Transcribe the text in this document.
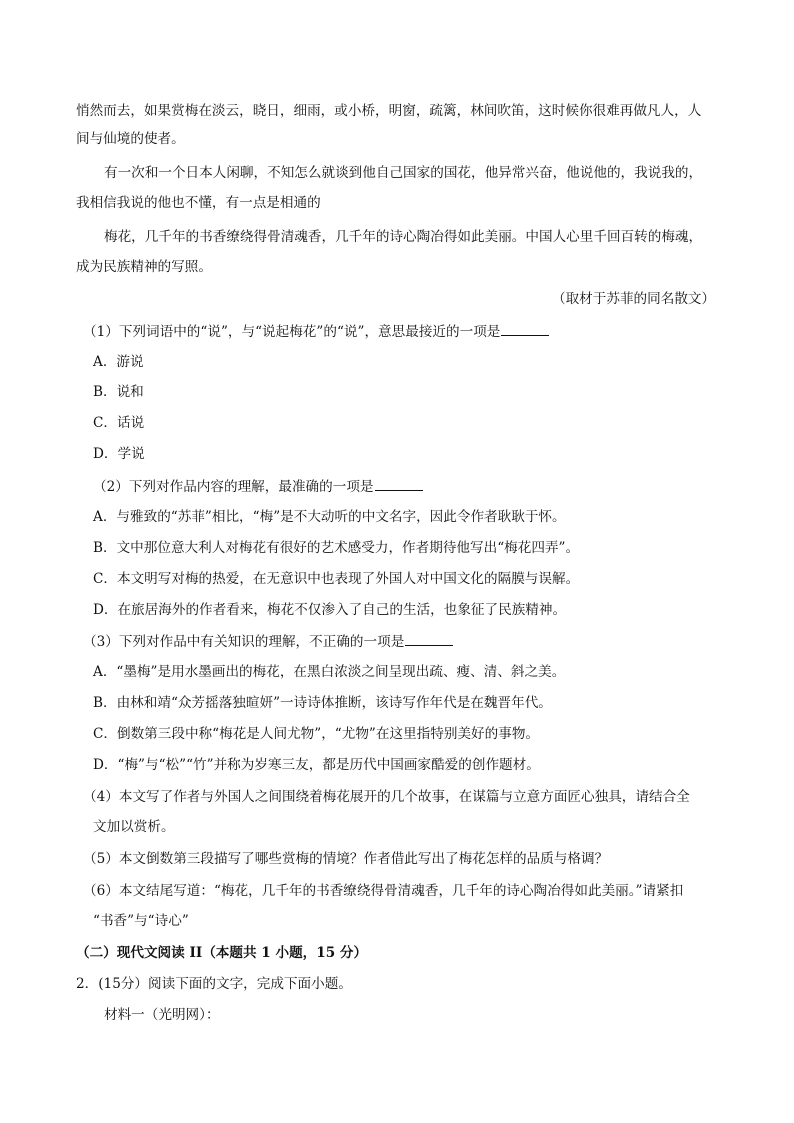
悄然而去，如果赏梅在淡云，晓日，细雨，或小桥，明窗，疏篱，林间吹笛，这时候你很难再做凡人，人
间与仙境的使者。
有一次和一个日本人闲聊，不知怎么就谈到他自己国家的国花，他异常兴奋，他说他的，我说我的，
我相信我说的他也不懂，有一点是相通的
梅花，几千年的书香缭绕得骨清魂香，几千年的诗心陶冶得如此美丽。中国人心里千回百转的梅魂，
成为民族精神的写照。
（取材于苏菲的同名散文）
（1）下列词语中的“说”，与“说起梅花”的“说”，意思最接近的一项是
A．游说
B．说和
C．话说
D．学说
（2）下列对作品内容的理解，最准确的一项是
A．与雅致的“苏菲”相比，“梅”是不大动听的中文名字，因此令作者耿耿于怀。
B．文中那位意大利人对梅花有很好的艺术感受力，作者期待他写出“梅花四弄”。
C．本文明写对梅的热爱，在无意识中也表现了外国人对中国文化的隔膜与误解。
D．在旅居海外的作者看来，梅花不仅渗入了自己的生活，也象征了民族精神。
（3）下列对作品中有关知识的理解，不正确的一项是
A．“墨梅”是用水墨画出的梅花，在黑白浓淡之间呈现出疏、瘦、清、斜之美。
B．由林和靖“众芳摇落独暄妍”一诗诗体推断，该诗写作年代是在魏晋年代。
C．倒数第三段中称“梅花是人间尤物”，“尤物”在这里指特别美好的事物。
D．“梅”与“松”“竹”并称为岁寒三友，都是历代中国画家酷爱的创作题材。
（4）本文写了作者与外国人之间围绕着梅花展开的几个故事，在谋篇与立意方面匠心独具，请结合全
文加以赏析。
（5）本文倒数第三段描写了哪些赏梅的情境？作者借此写出了梅花怎样的品质与格调？
（6）本文结尾写道：“梅花，几千年的书香缭绕得骨清魂香，几千年的诗心陶冶得如此美丽。”请紧扣
“书香”与“诗心”
（二）现代文阅读 II（本题共 1 小题，15 分）
2．(15分）阅读下面的文字，完成下面小题。
材料一（光明网）：
